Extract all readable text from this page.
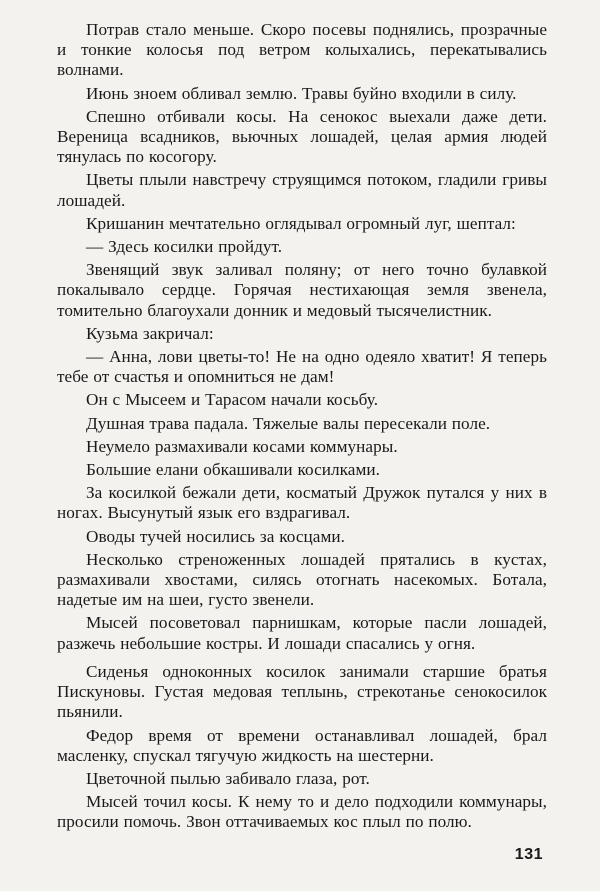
Потрав стало меньше. Скоро посевы поднялись, прозрачные и тонкие колосья под ветром колыхались, перекатывались волнами.

Июнь зноем обливал землю. Травы буйно входили в силу.

Спешно отбивали косы. На сенокос выехали даже дети. Вереница всадников, вьючных лошадей, целая армия людей тянулась по косогору.

Цветы плыли навстречу струящимся потоком, гладили гривы лошадей.

Кришанин мечтательно оглядывал огромный луг, шептал:

— Здесь косилки пройдут.

Звенящий звук заливал поляну; от него точно булавкой покалывало сердце. Горячая нестихающая земля звенела, томительно благоухали донник и медовый тысячелистник.

Кузьма закричал:

— Анна, лови цветы-то! Не на одно одеяло хватит! Я теперь тебе от счастья и опомниться не дам!

Он с Мысеем и Тарасом начали косьбу.

Душная трава падала. Тяжелые валы пересекали поле.

Неумело размахивали косами коммунары.

Большие елани обкашивали косилками.

За косилкой бежали дети, косматый Дружок путался у них в ногах. Высунутый язык его вздрагивал.

Оводы тучей носились за косцами.

Несколько стреноженных лошадей прятались в кустах, размахивали хвостами, силясь отогнать насекомых. Ботала, надетые им на шеи, густо звенели.

Мысей посоветовал парнишкам, которые пасли лошадей, разжечь небольшие костры. И лошади спасались у огня.

Сиденья одноконных косилок занимали старшие братья Пискуновы. Густая медовая теплынь, стрекотанье сенокосилок пьянили.

Федор время от времени останавливал лошадей, брал масленку, спускал тягучую жидкость на шестерни.

Цветочной пылью забивало глаза, рот.

Мысей точил косы. К нему то и дело подходили коммунары, просили помочь. Звон оттачиваемых кос плыл по полю.

131
